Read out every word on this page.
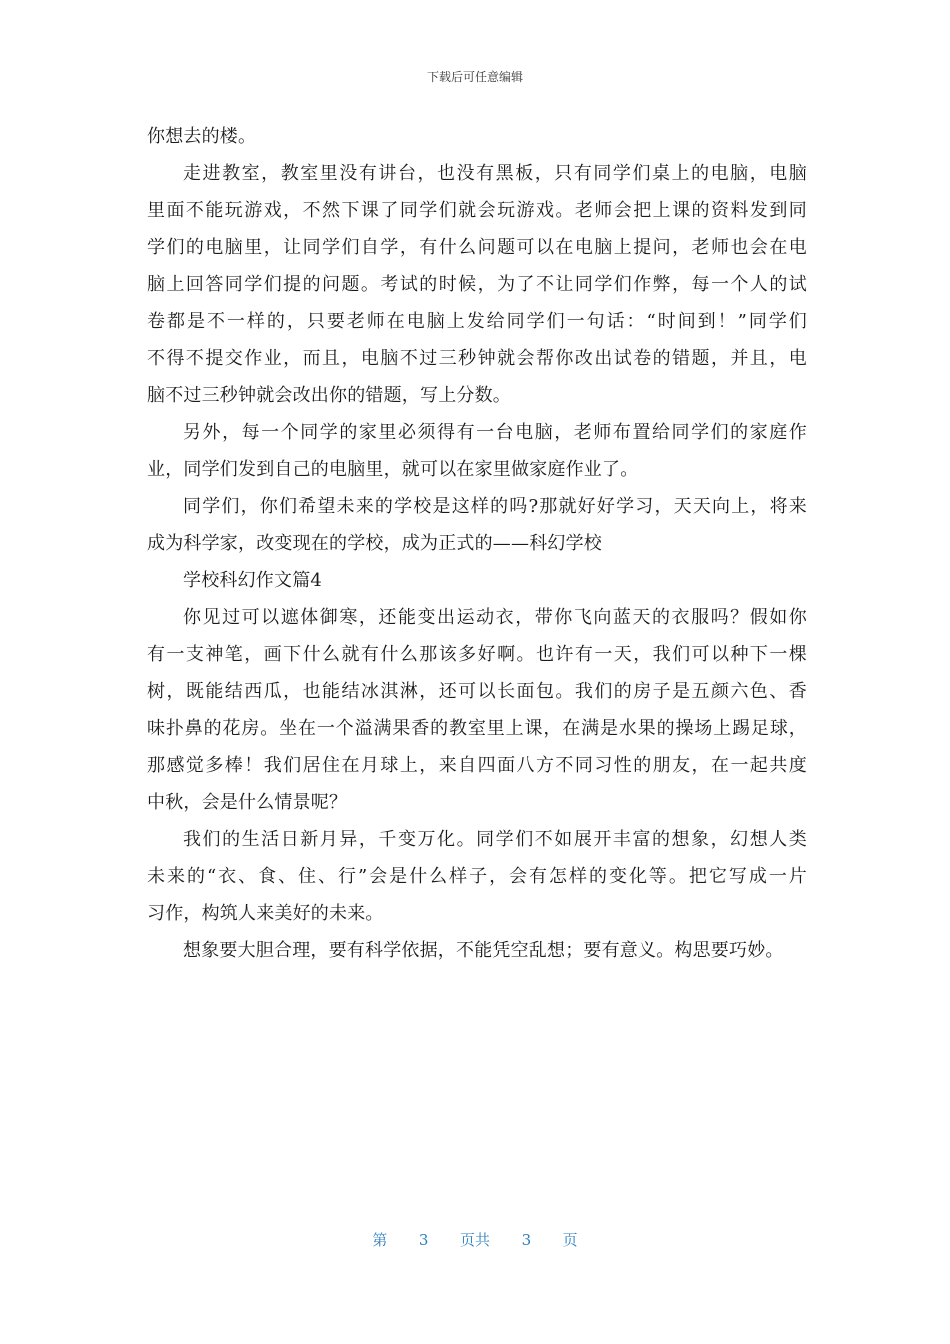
下载后可任意编辑
你想去的楼。
走进教室，教室里没有讲台，也没有黑板，只有同学们桌上的电脑，电脑
里面不能玩游戏，不然下课了同学们就会玩游戏。老师会把上课的资料发到同
学们的电脑里，让同学们自学，有什么问题可以在电脑上提问，老师也会在电
脑上回答同学们提的问题。考试的时候，为了不让同学们作弊，每一个人的试
卷都是不一样的，只要老师在电脑上发给同学们一句话：“时间到！”同学们
不得不提交作业，而且，电脑不过三秒钟就会帮你改出试卷的错题，并且，电
脑不过三秒钟就会改出你的错题，写上分数。
另外，每一个同学的家里必须得有一台电脑，老师布置给同学们的家庭作
业，同学们发到自己的电脑里，就可以在家里做家庭作业了。
同学们，你们希望未来的学校是这样的吗?那就好好学习，天天向上，将来
成为科学家，改变现在的学校，成为正式的——科幻学校
学校科幻作文篇4
你见过可以遮体御寒，还能变出运动衣，带你飞向蓝天的衣服吗？假如你
有一支神笔，画下什么就有什么那该多好啊。也许有一天，我们可以种下一棵
树，既能结西瓜，也能结冰淇淋，还可以长面包。我们的房子是五颜六色、香
味扑鼻的花房。坐在一个溢满果香的教室里上课，在满是水果的操场上踢足球，
那感觉多棒！我们居住在月球上，来自四面八方不同习性的朋友，在一起共度
中秋，会是什么情景呢？
我们的生活日新月异，千变万化。同学们不如展开丰富的想象，幻想人类
未来的“衣、食、住、行”会是什么样子，会有怎样的变化等。把它写成一片
习作，构筑人来美好的未来。
想象要大胆合理，要有科学依据，不能凭空乱想；要有意义。构思要巧妙。
第 3 页共 3 页
